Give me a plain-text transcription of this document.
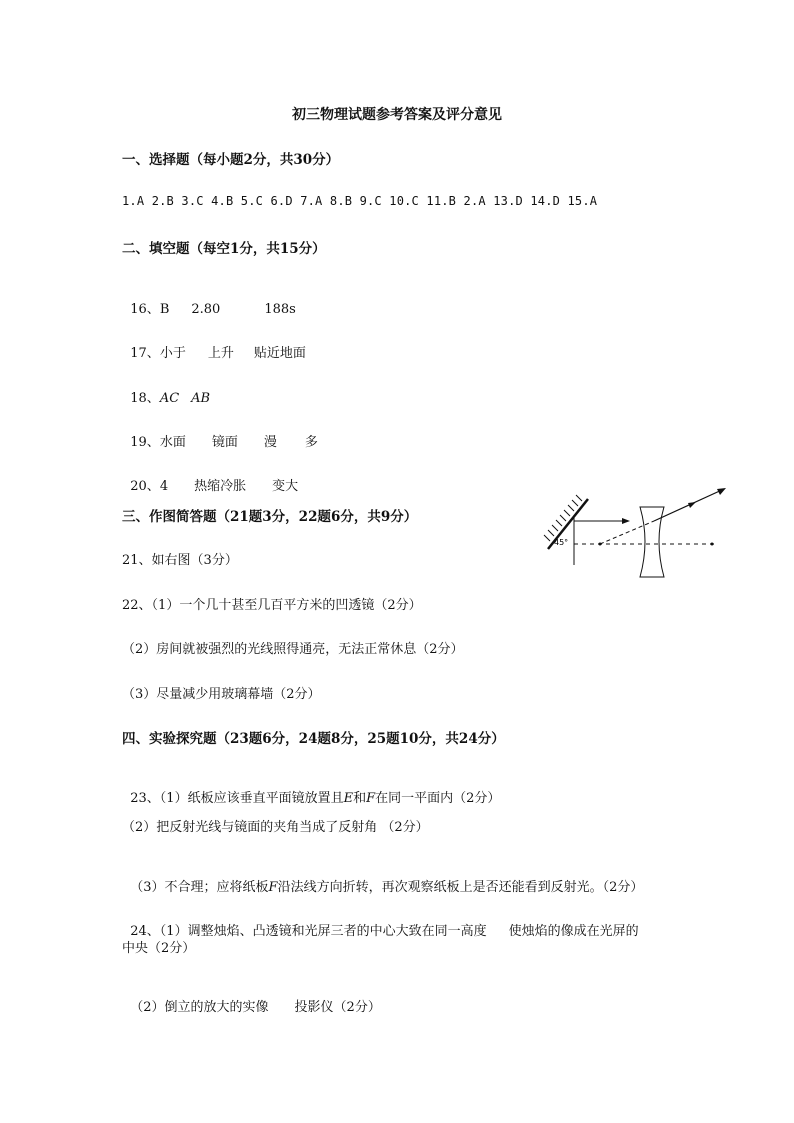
初三物理试题参考答案及评分意见
一、选择题（每小题2分，共30分）
1.A 2.B 3.C 4.B 5.C 6.D 7.A 8.B 9.C 10.C 11.B 2.A 13.D 14.D 15.A
二、填空题（每空1分，共15分）

16、B 2.80	188s

17、小于 上升 贴近地面

18、AC AB

19、水面 镜面 漫 多

20、4 热缩冷胀 变大

三、作图简答题（21题3分，22题6分，共9分）
21、如右图（3分）
22、（1）一个几十甚至几百平方米的凹透镜（2分）
（2）房间就被强烈的光线照得通亮，无法正常休息（2分）
（3）尽量减少用玻璃幕墙（2分）
四、实验探究题（23题6分，24题8分，25题10分，共24分）

23、（1）纸板应该垂直平面镜放置且E和F在同一平面内（2分）

（2）把反射光线与镜面的夹角当成了反射角 （2分）

（3）不合理；应将纸板F沿法线方向折转，再次观察纸板上是否还能看到反射光。（2分）

24、（1）调整烛焰、凸透镜和光屏三者的中心大致在同一高度 使烛焰的像成在光屏的

中央（2分）

（2）倒立的放大的实像 投影仪（2分）

45°
